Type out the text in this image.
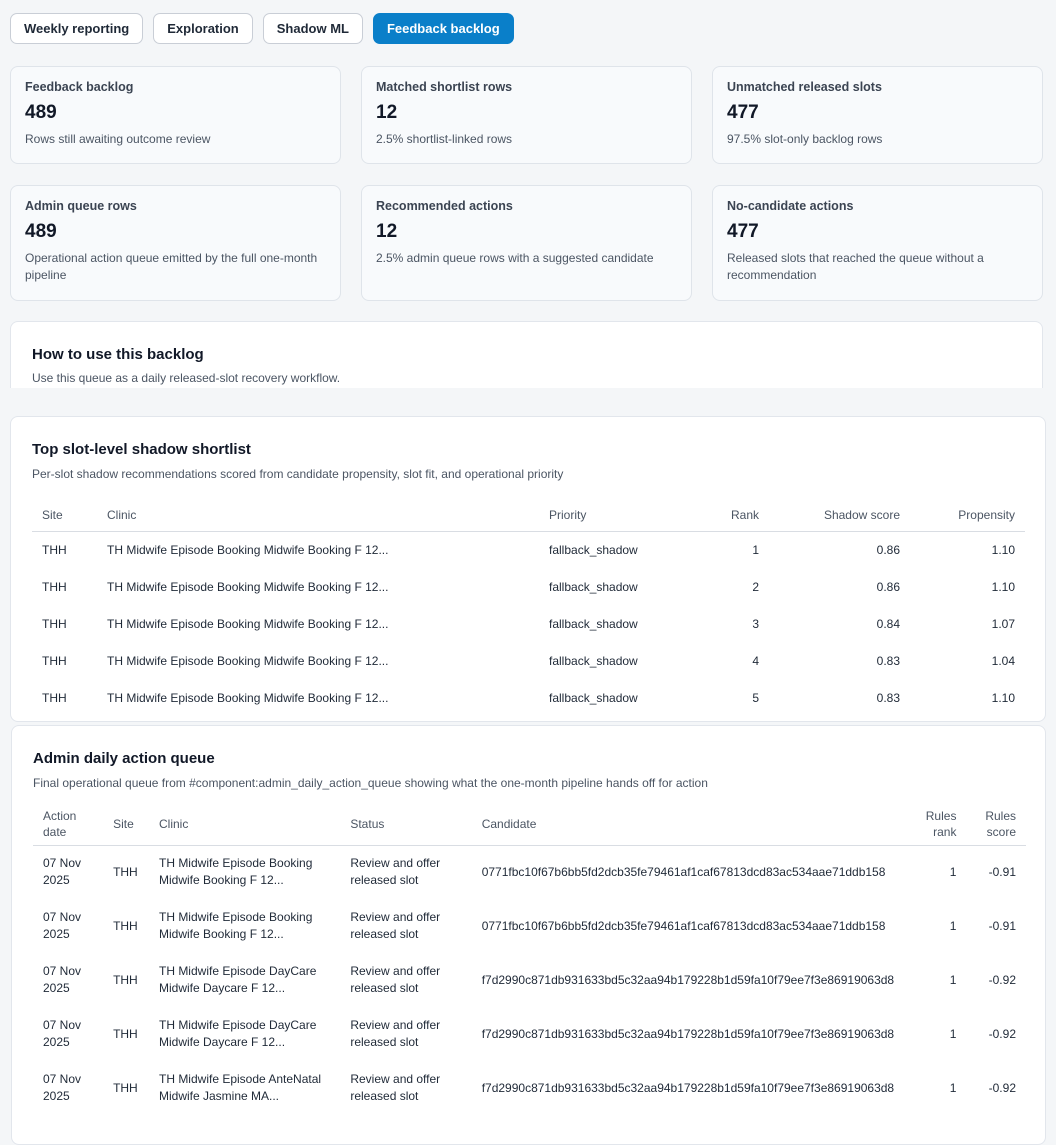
Weekly reporting	Exploration	Shadow ML	Feedback backlog
Feedback backlog
489
Rows still awaiting outcome review
Matched shortlist rows
12
2.5% shortlist-linked rows
Unmatched released slots
477
97.5% slot-only backlog rows
Admin queue rows
489
Operational action queue emitted by the full one-month pipeline
Recommended actions
12
2.5% admin queue rows with a suggested candidate
No-candidate actions
477
Released slots that reached the queue without a recommendation
How to use this backlog
Use this queue as a daily released-slot recovery workflow.
Top slot-level shadow shortlist
Per-slot shadow recommendations scored from candidate propensity, slot fit, and operational priority
Site	Clinic	Priority	Rank	Shadow score	Propensity
THH	TH Midwife Episode Booking Midwife Booking F 12...	fallback_shadow	1	0.86	1.10
THH	TH Midwife Episode Booking Midwife Booking F 12...	fallback_shadow	2	0.86	1.10
THH	TH Midwife Episode Booking Midwife Booking F 12...	fallback_shadow	3	0.84	1.07
THH	TH Midwife Episode Booking Midwife Booking F 12...	fallback_shadow	4	0.83	1.04
THH	TH Midwife Episode Booking Midwife Booking F 12...	fallback_shadow	5	0.83	1.10
Admin daily action queue
Final operational queue from #component:admin_daily_action_queue showing what the one-month pipeline hands off for action
Action date	Site	Clinic	Status	Candidate	Rules rank	Rules score
07 Nov 2025	THH	TH Midwife Episode Booking Midwife Booking F 12...	Review and offer released slot	0771fbc10f67b6bb5fd2dcb35fe79461af1caf67813dcd83ac534aae71ddb158	1	-0.91
07 Nov 2025	THH	TH Midwife Episode Booking Midwife Booking F 12...	Review and offer released slot	0771fbc10f67b6bb5fd2dcb35fe79461af1caf67813dcd83ac534aae71ddb158	1	-0.91
07 Nov 2025	THH	TH Midwife Episode DayCare Midwife Daycare F 12...	Review and offer released slot	f7d2990c871db931633bd5c32aa94b179228b1d59fa10f79ee7f3e86919063d8	1	-0.92
07 Nov 2025	THH	TH Midwife Episode DayCare Midwife Daycare F 12...	Review and offer released slot	f7d2990c871db931633bd5c32aa94b179228b1d59fa10f79ee7f3e86919063d8	1	-0.92
07 Nov 2025	THH	TH Midwife Episode AnteNatal Midwife Jasmine MA...	Review and offer released slot	f7d2990c871db931633bd5c32aa94b179228b1d59fa10f79ee7f3e86919063d8	1	-0.92
